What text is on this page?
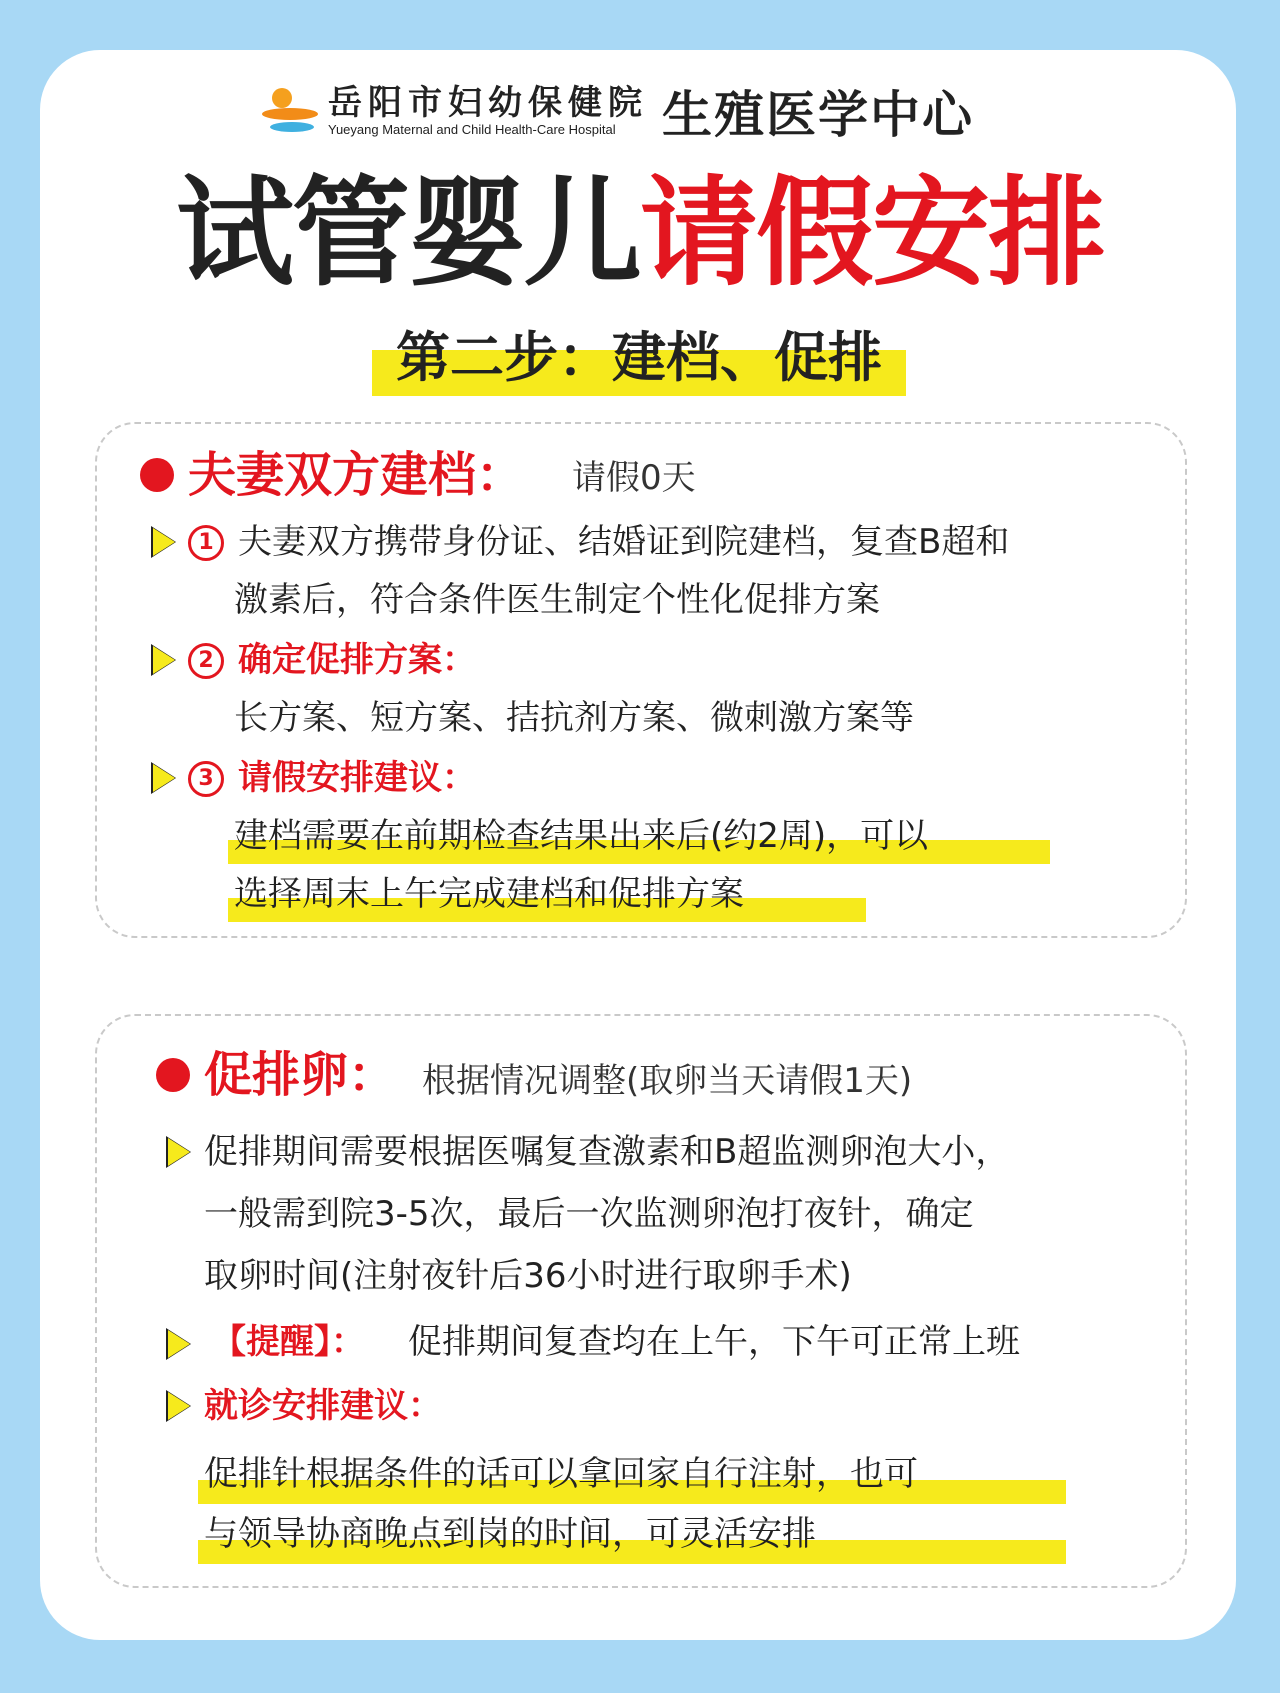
岳阳市妇幼保健院
Yueyang Maternal and Child Health-Care Hospital 生殖医学中心
试管婴儿请假安排
第二步：建档、促排
夫妻双方建档： 请假0天
1 夫妻双方携带身份证、结婚证到院建档，复查B超和
激素后，符合条件医生制定个性化促排方案
2 确定促排方案：
长方案、短方案、拮抗剂方案、微刺激方案等
3 请假安排建议：
建档需要在前期检查结果出来后(约2周)，可以
选择周末上午完成建档和促排方案
促排卵： 根据情况调整(取卵当天请假1天)
促排期间需要根据医嘱复查激素和B超监测卵泡大小，
一般需到院3-5次，最后一次监测卵泡打夜针，确定
取卵时间(注射夜针后36小时进行取卵手术)
【提醒】： 促排期间复查均在上午，下午可正常上班
就诊安排建议：
促排针根据条件的话可以拿回家自行注射，也可
与领导协商晚点到岗的时间，可灵活安排
